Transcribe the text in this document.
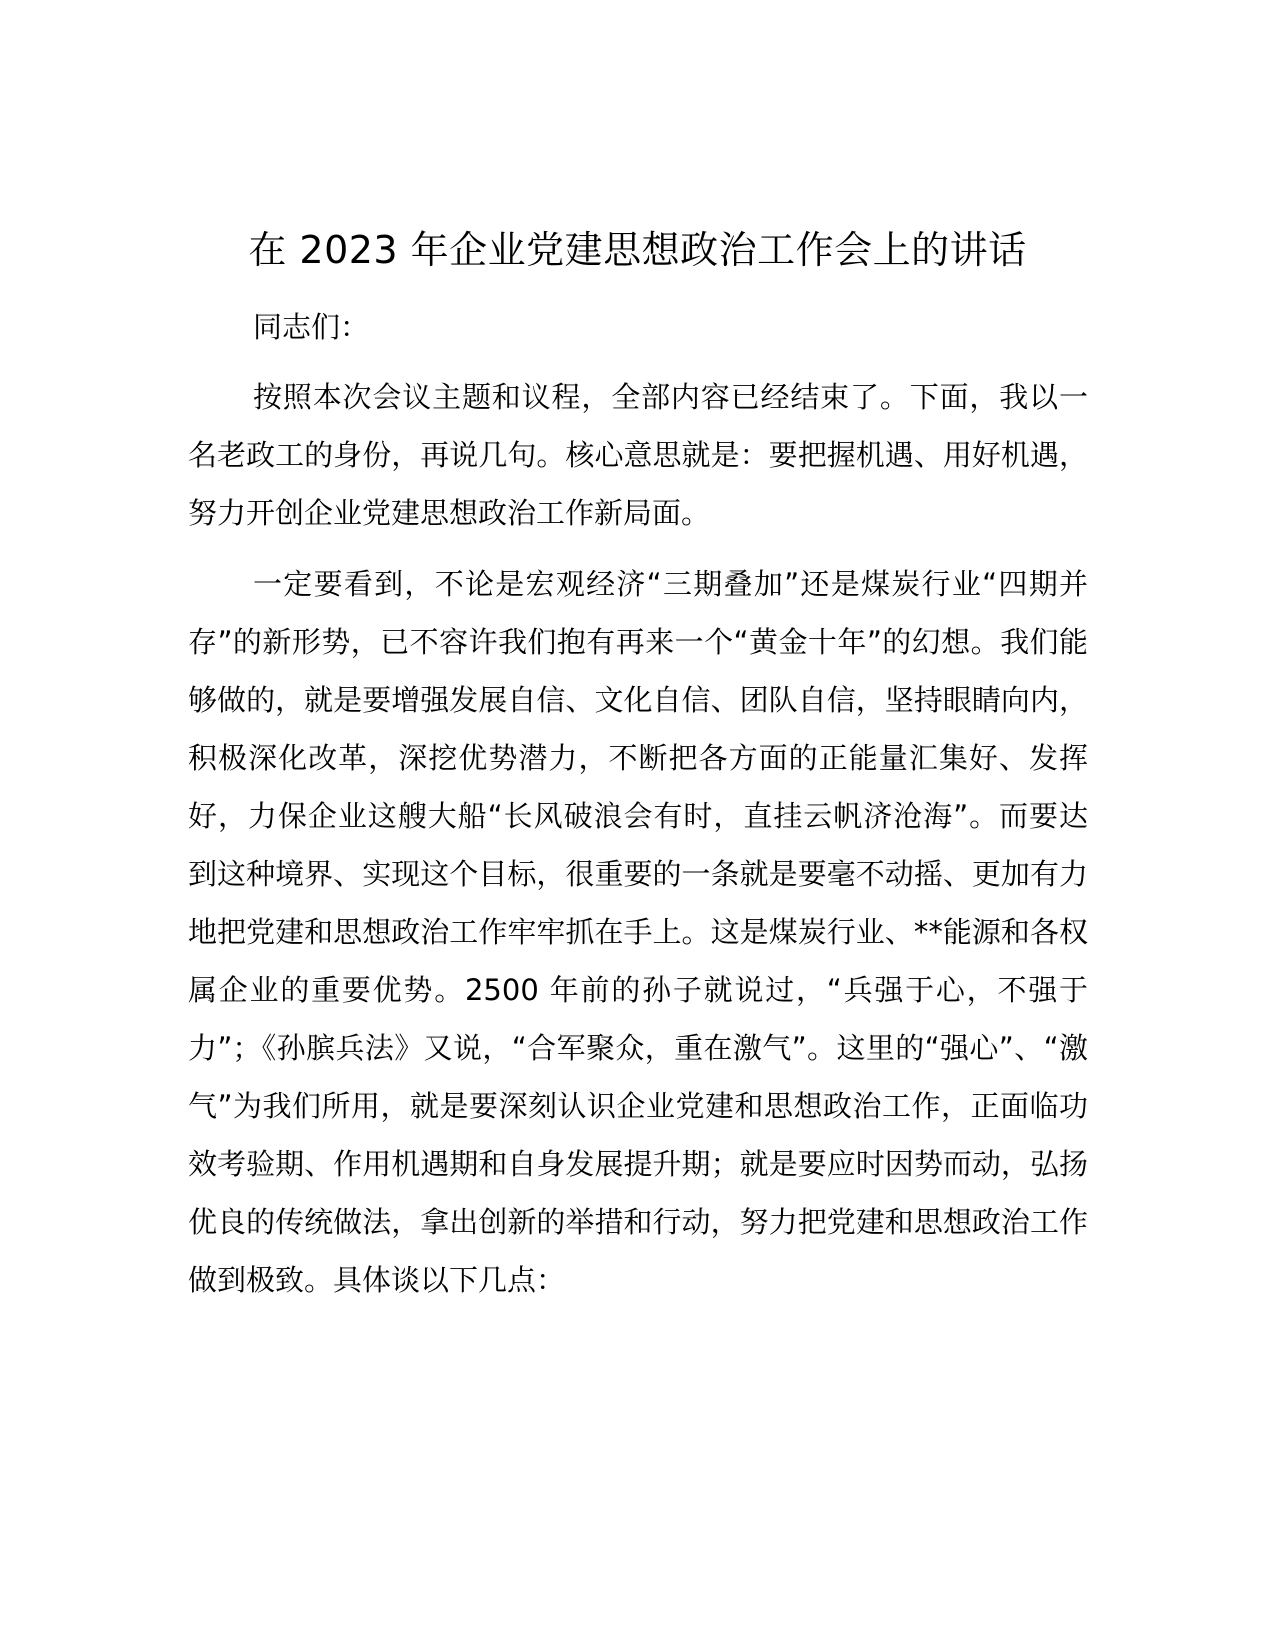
在 2023 年企业党建思想政治工作会上的讲话

同志们：

按照本次会议主题和议程，全部内容已经结束了。下面，我以一名老政工的身份，再说几句。核心意思就是：要把握机遇、用好机遇，努力开创企业党建思想政治工作新局面。

一定要看到，不论是宏观经济“三期叠加”还是煤炭行业“四期并存”的新形势，已不容许我们抱有再来一个“黄金十年”的幻想。我们能够做的，就是要增强发展自信、文化自信、团队自信，坚持眼睛向内，积极深化改革，深挖优势潜力，不断把各方面的正能量汇集好、发挥好，力保企业这艘大船“长风破浪会有时，直挂云帆济沧海”。而要达到这种境界、实现这个目标，很重要的一条就是要毫不动摇、更加有力地把党建和思想政治工作牢牢抓在手上。这是煤炭行业、**能源和各权属企业的重要优势。2500 年前的孙子就说过，“兵强于心，不强于力”；《孙膑兵法》又说，“合军聚众，重在激气”。这里的“强心”、“激气”为我们所用，就是要深刻认识企业党建和思想政治工作，正面临功效考验期、作用机遇期和自身发展提升期；就是要应时因势而动，弘扬优良的传统做法，拿出创新的举措和行动，努力把党建和思想政治工作做到极致。具体谈以下几点：
